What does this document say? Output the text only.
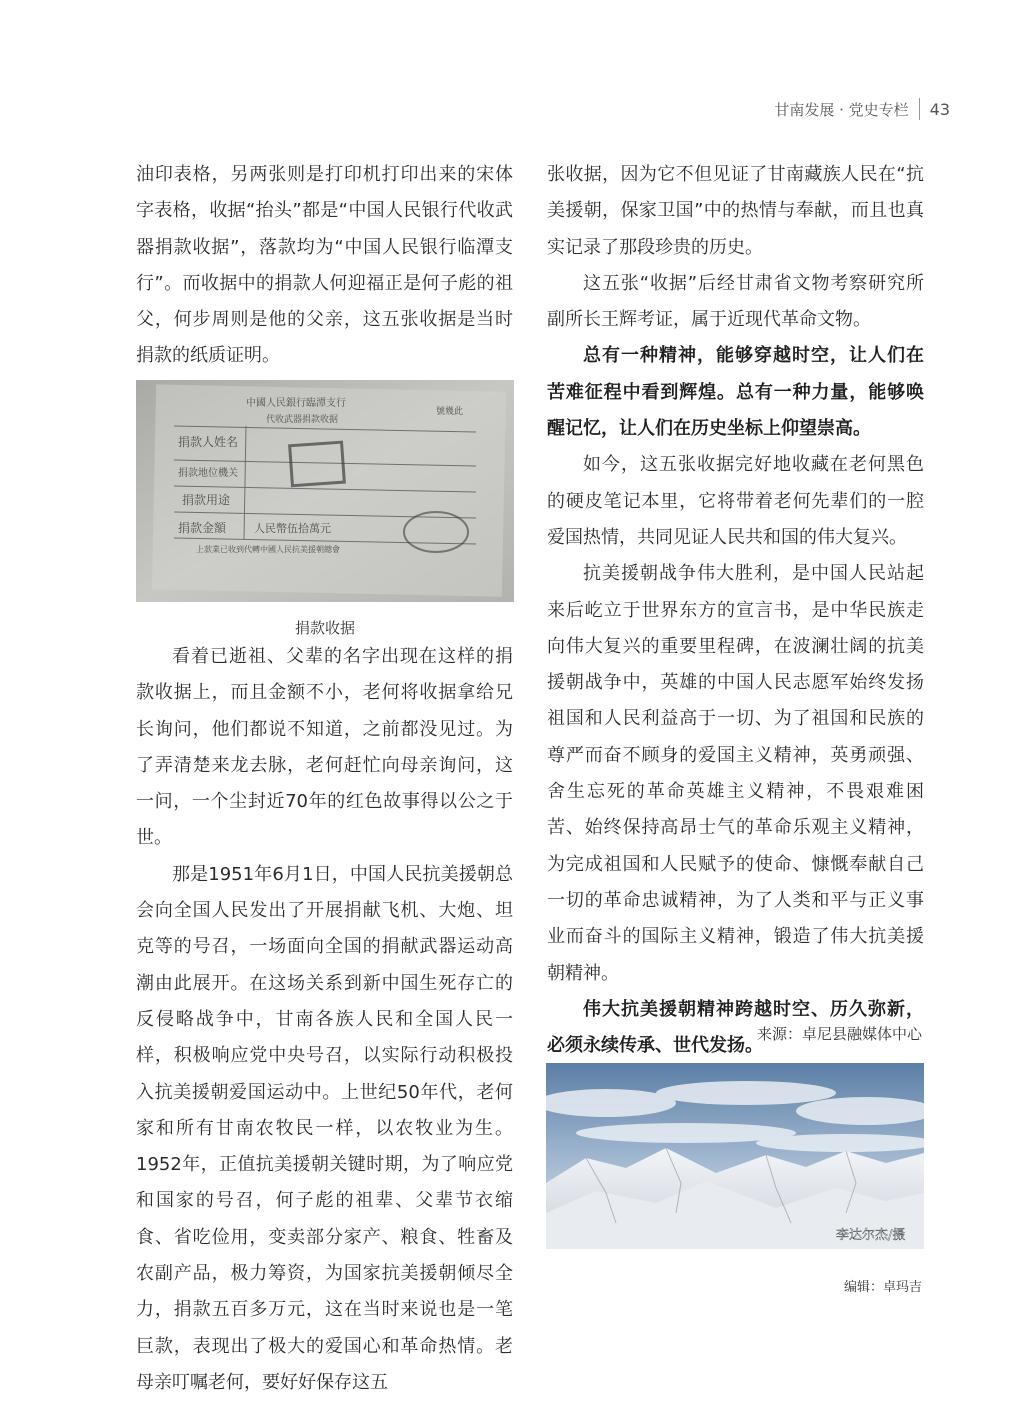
甘南发展 · 党史专栏 43

油印表格，另两张则是打印机打印出来的宋体字表格，收据“抬头”都是“中国人民银行代收武器捐款收据”，落款均为“中国人民银行临潭支行”。而收据中的捐款人何迎福正是何子彪的祖父，何步周则是他的父亲，这五张收据是当时捐款的纸质证明。

中國人民銀行臨潭支行
代收武器捐款收据
號幾此
捐款人姓名
捐款地位機关
捐款用途
捐款金額	人民幣伍拾萬元
上款業已收到代轉中國人民抗美援朝總會
捐款收据

看着已逝祖、父辈的名字出现在这样的捐款收据上，而且金额不小，老何将收据拿给兄长询问，他们都说不知道，之前都没见过。为了弄清楚来龙去脉，老何赶忙向母亲询问，这一问，一个尘封近70年的红色故事得以公之于世。

那是1951年6月1日，中国人民抗美援朝总会向全国人民发出了开展捐献飞机、大炮、坦克等的号召，一场面向全国的捐献武器运动高潮由此展开。在这场关系到新中国生死存亡的反侵略战争中，甘南各族人民和全国人民一样，积极响应党中央号召，以实际行动积极投入抗美援朝爱国运动中。上世纪50年代，老何家和所有甘南农牧民一样，以农牧业为生。1952年，正值抗美援朝关键时期，为了响应党和国家的号召，何子彪的祖辈、父辈节衣缩食、省吃俭用，变卖部分家产、粮食、牲畜及农副产品，极力筹资，为国家抗美援朝倾尽全力，捐款五百多万元，这在当时来说也是一笔巨款，表现出了极大的爱国心和革命热情。老母亲叮嘱老何，要好好保存这五

张收据，因为它不但见证了甘南藏族人民在“抗美援朝，保家卫国”中的热情与奉献，而且也真实记录了那段珍贵的历史。

这五张“收据”后经甘肃省文物考察研究所副所长王辉考证，属于近现代革命文物。

总有一种精神，能够穿越时空，让人们在苦难征程中看到辉煌。总有一种力量，能够唤醒记忆，让人们在历史坐标上仰望崇高。

如今，这五张收据完好地收藏在老何黑色的硬皮笔记本里，它将带着老何先辈们的一腔爱国热情，共同见证人民共和国的伟大复兴。

抗美援朝战争伟大胜利，是中国人民站起来后屹立于世界东方的宣言书，是中华民族走向伟大复兴的重要里程碑，在波澜壮阔的抗美援朝战争中，英雄的中国人民志愿军始终发扬祖国和人民利益高于一切、为了祖国和民族的尊严而奋不顾身的爱国主义精神，英勇顽强、舍生忘死的革命英雄主义精神，不畏艰难困苦、始终保持高昂士气的革命乐观主义精神，为完成祖国和人民赋予的使命、慷慨奉献自己一切的革命忠诚精神，为了人类和平与正义事业而奋斗的国际主义精神，锻造了伟大抗美援朝精神。

伟大抗美援朝精神跨越时空、历久弥新，必须永续传承、世代发扬。

来源：卓尼县融媒体中心
李达尔杰/摄
编辑：卓玛吉
